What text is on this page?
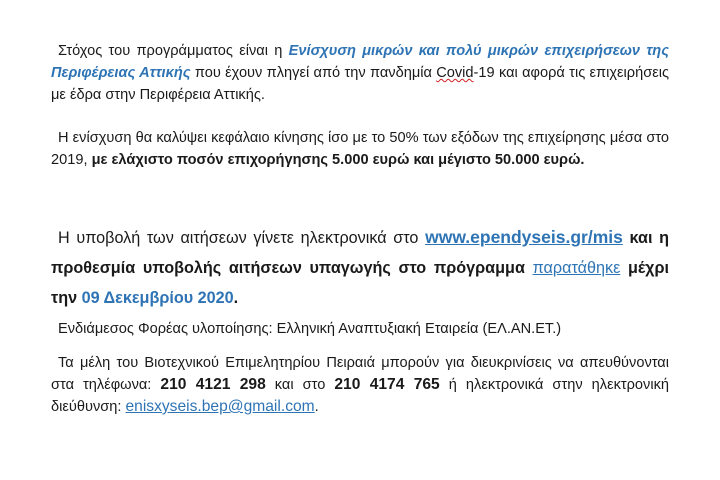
Στόχος του προγράμματος είναι η Ενίσχυση μικρών και πολύ μικρών επιχειρήσεων της Περιφέρειας Αττικής που έχουν πληγεί από την πανδημία Covid-19 και αφορά τις επιχειρήσεις με έδρα στην Περιφέρεια Αττικής.

Η ενίσχυση θα καλύψει κεφάλαιο κίνησης ίσο με το 50% των εξόδων της επιχείρησης μέσα στο 2019, με ελάχιστο ποσόν επιχορήγησης 5.000 ευρώ και μέγιστο 50.000 ευρώ.

Η υποβολή των αιτήσεων γίνετε ηλεκτρονικά στο www.ependyseis.gr/mis και η προθεσμία υποβολής αιτήσεων υπαγωγής στο πρόγραμμα παρατάθηκε μέχρι την 09 Δεκεμβρίου 2020.

Ενδιάμεσος Φορέας υλοποίησης: Ελληνική Αναπτυξιακή Εταιρεία (ΕΛ.ΑΝ.ΕΤ.)

Τα μέλη του Βιοτεχνικού Επιμελητηρίου Πειραιά μπορούν για διευκρινίσεις να απευθύνονται στα τηλέφωνα: 210 4121 298 και στο 210 4174 765 ή ηλεκτρονικά στην ηλεκτρονική διεύθυνση: enisxyseis.bep@gmail.com.
